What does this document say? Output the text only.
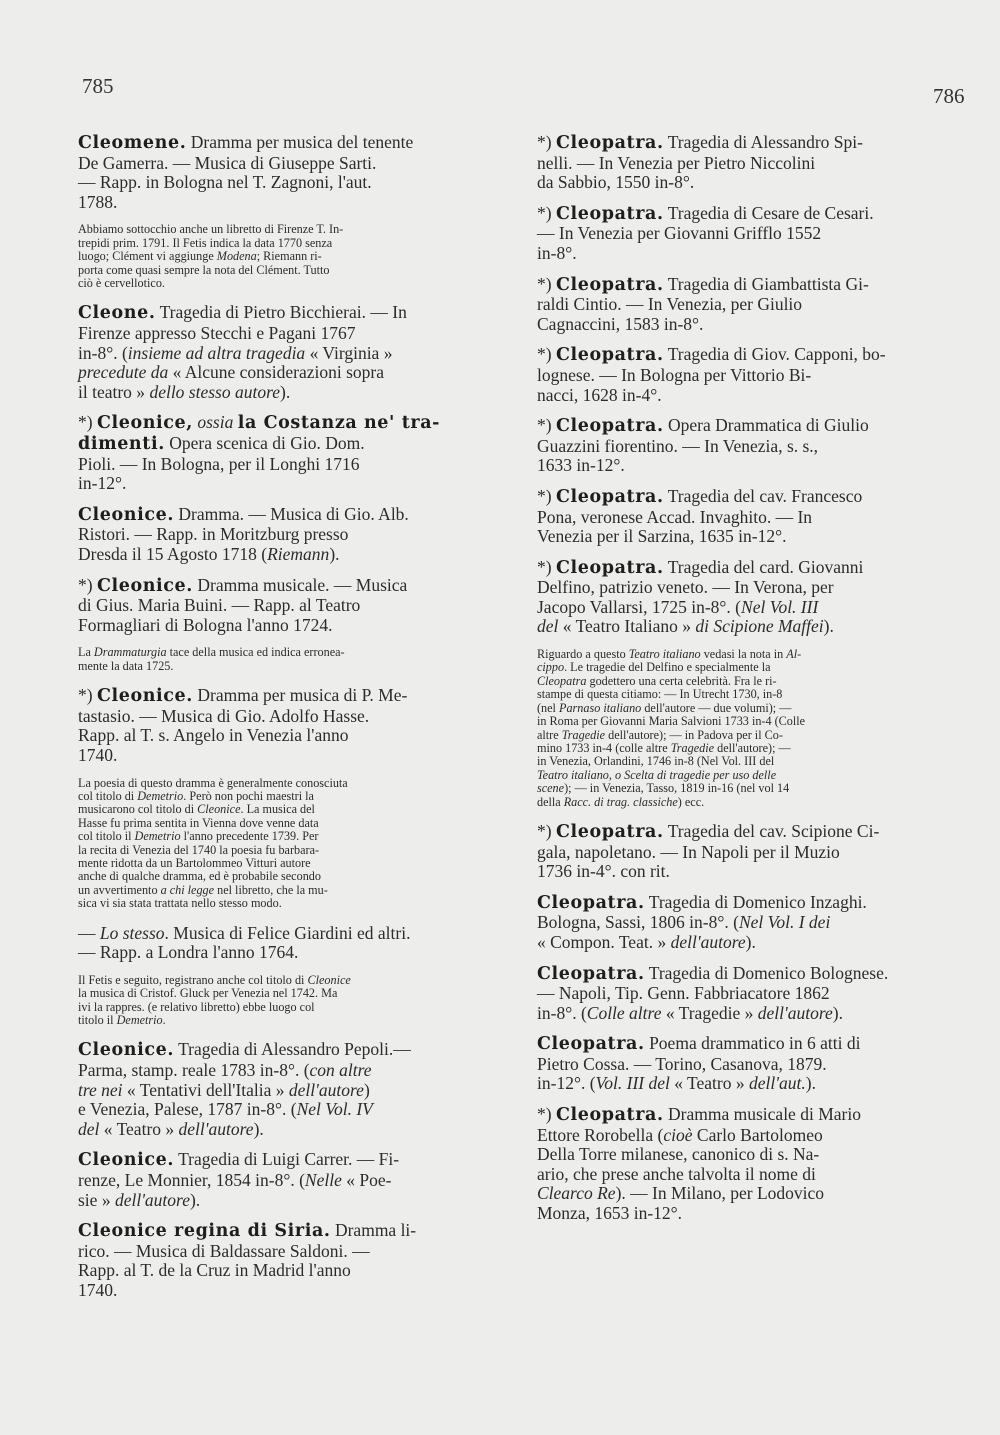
785	786

Cleomene. Dramma per musica del tenente

De Gamerra. — Musica di Giuseppe Sarti.

— Rapp. in Bologna nel T. Zagnoni, l'aut.

1788.

Abbiamo sottocchio anche un libretto di Firenze T. In-

trepidi prim. 1791. Il Fetis indica la data 1770 senza

luogo; Clément vi aggiunge Modena; Riemann ri-

porta come quasi sempre la nota del Clément. Tutto

ciò è cervellotico.

Cleone. Tragedia di Pietro Bicchierai. — In

Firenze appresso Stecchi e Pagani 1767

in-8°. (insieme ad altra tragedia « Virginia »

precedute da « Alcune considerazioni sopra

il teatro » dello stesso autore).

*) Cleonice, ossia la Costanza ne' tra-

dimenti. Opera scenica di Gio. Dom.

Pioli. — In Bologna, per il Longhi 1716

in-12°.

Cleonice. Dramma. — Musica di Gio. Alb.

Ristori. — Rapp. in Moritzburg presso

Dresda il 15 Agosto 1718 (Riemann).

*) Cleonice. Dramma musicale. — Musica

di Gius. Maria Buini. — Rapp. al Teatro

Formagliari di Bologna l'anno 1724.

La Drammaturgia tace della musica ed indica erronea-

mente la data 1725.

*) Cleonice. Dramma per musica di P. Me-

tastasio. — Musica di Gio. Adolfo Hasse.

Rapp. al T. s. Angelo in Venezia l'anno

1740.

La poesia di questo dramma è generalmente conosciuta

col titolo di Demetrio. Però non pochi maestri la

musicarono col titolo di Cleonice. La musica del

Hasse fu prima sentita in Vienna dove venne data

col titolo il Demetrio l'anno precedente 1739. Per

la recita di Venezia del 1740 la poesia fu barbara-

mente ridotta da un Bartolommeo Vitturi autore

anche di qualche dramma, ed è probabile secondo

un avvertimento a chi legge nel libretto, che la mu-

sica vi sia stata trattata nello stesso modo.

— Lo stesso. Musica di Felice Giardini ed altri.

— Rapp. a Londra l'anno 1764.

Il Fetis e seguito, registrano anche col titolo di Cleonice

la musica di Cristof. Gluck per Venezia nel 1742. Ma

ivi la rappres. (e relativo libretto) ebbe luogo col

titolo il Demetrio.

Cleonice. Tragedia di Alessandro Pepoli.—

Parma, stamp. reale 1783 in-8°. (con altre

tre nei « Tentativi dell'Italia » dell'autore)

e Venezia, Palese, 1787 in-8°. (Nel Vol. IV

del « Teatro » dell'autore).

Cleonice. Tragedia di Luigi Carrer. — Fi-

renze, Le Monnier, 1854 in-8°. (Nelle « Poe-

sie » dell'autore).

Cleonice regina di Siria. Dramma li-

rico. — Musica di Baldassare Saldoni. —

Rapp. al T. de la Cruz in Madrid l'anno

1740.

*) Cleopatra. Tragedia di Alessandro Spi-

nelli. — In Venezia per Pietro Niccolini

da Sabbio, 1550 in-8°.

*) Cleopatra. Tragedia di Cesare de Cesari.

— In Venezia per Giovanni Grifflo 1552

in-8°.

*) Cleopatra. Tragedia di Giambattista Gi-

raldi Cintio. — In Venezia, per Giulio

Cagnaccini, 1583 in-8°.

*) Cleopatra. Tragedia di Giov. Capponi, bo-

lognese. — In Bologna per Vittorio Bi-

nacci, 1628 in-4°.

*) Cleopatra. Opera Drammatica di Giulio

Guazzini fiorentino. — In Venezia, s. s.,

1633 in-12°.

*) Cleopatra. Tragedia del cav. Francesco

Pona, veronese Accad. Invaghito. — In

Venezia per il Sarzina, 1635 in-12°.

*) Cleopatra. Tragedia del card. Giovanni

Delfino, patrizio veneto. — In Verona, per

Jacopo Vallarsi, 1725 in-8°. (Nel Vol. III

del « Teatro Italiano » di Scipione Maffei).

Riguardo a questo Teatro italiano vedasi la nota in Al-

cippo. Le tragedie del Delfino e specialmente la

Cleopatra godettero una certa celebrità. Fra le ri-

stampe di questa citiamo: — In Utrecht 1730, in-8

(nel Parnaso italiano dell'autore — due volumi); —

in Roma per Giovanni Maria Salvioni 1733 in-4 (Colle

altre Tragedie dell'autore); — in Padova per il Co-

mino 1733 in-4 (colle altre Tragedie dell'autore); —

in Venezia, Orlandini, 1746 in-8 (Nel Vol. III del

Teatro italiano, o Scelta di tragedie per uso delle

scene); — in Venezia, Tasso, 1819 in-16 (nel vol 14

della Racc. di trag. classiche) ecc.

*) Cleopatra. Tragedia del cav. Scipione Ci-

gala, napoletano. — In Napoli per il Muzio

1736 in-4°. con rit.

Cleopatra. Tragedia di Domenico Inzaghi.

Bologna, Sassi, 1806 in-8°. (Nel Vol. I dei

« Compon. Teat. » dell'autore).

Cleopatra. Tragedia di Domenico Bolognese.

— Napoli, Tip. Genn. Fabbriacatore 1862

in-8°. (Colle altre « Tragedie » dell'autore).

Cleopatra. Poema drammatico in 6 atti di

Pietro Cossa. — Torino, Casanova, 1879.

in-12°. (Vol. III del « Teatro » dell'aut.).

*) Cleopatra. Dramma musicale di Mario

Ettore Rorobella (cioè Carlo Bartolomeo

Della Torre milanese, canonico di s. Na-

ario, che prese anche talvolta il nome di

Clearco Re). — In Milano, per Lodovico

Monza, 1653 in-12°.
